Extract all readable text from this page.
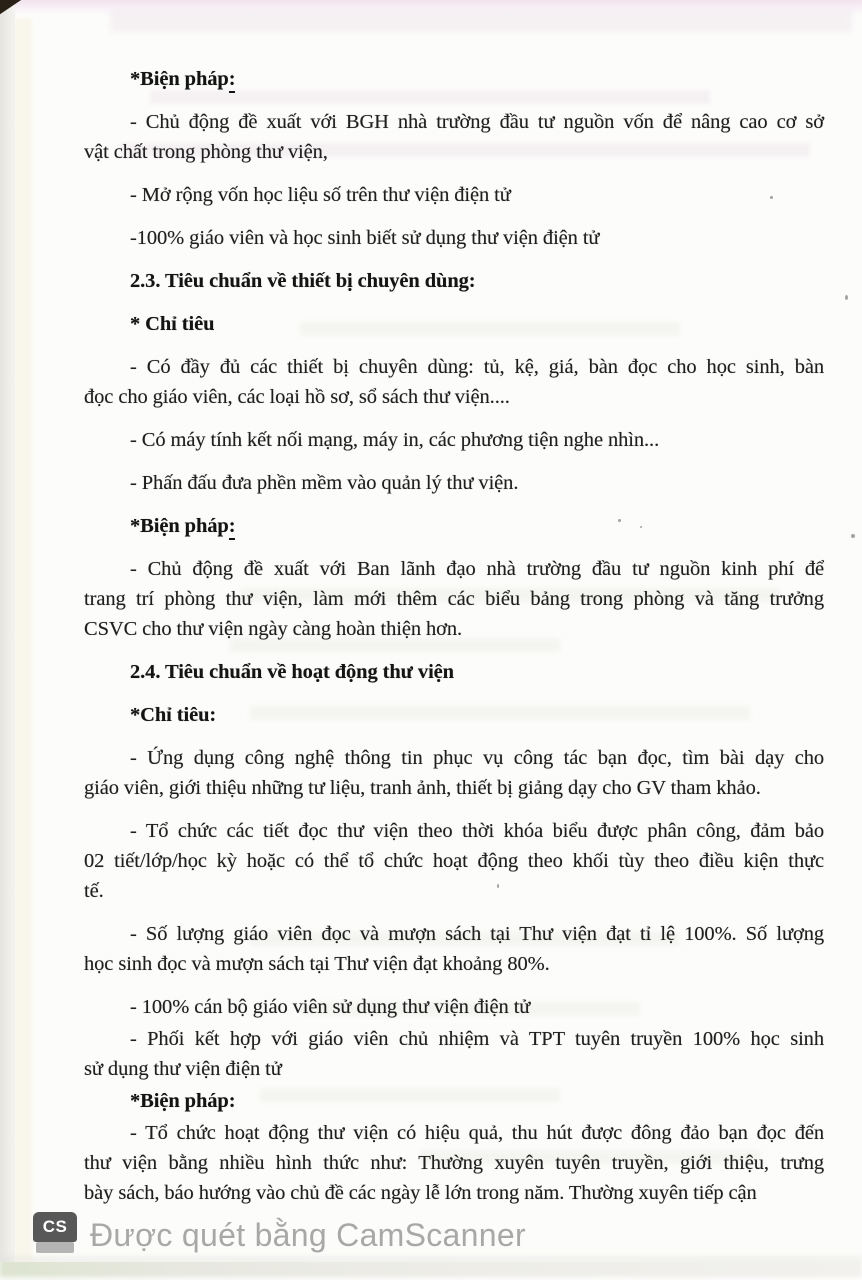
*Biện pháp:
- Chủ động đề xuất với BGH nhà trường đầu tư nguồn vốn để nâng cao cơ sở
vật chất trong phòng thư viện,
- Mở rộng vốn học liệu số trên thư viện điện tử
-100% giáo viên và học sinh biết sử dụng thư viện điện tử
2.3. Tiêu chuẩn về thiết bị chuyên dùng:
* Chỉ tiêu
- Có đầy đủ các thiết bị chuyên dùng: tủ, kệ, giá, bàn đọc cho học sinh, bàn
đọc cho giáo viên, các loại hồ sơ, sổ sách thư viện....
- Có máy tính kết nối mạng, máy in, các phương tiện nghe nhìn...
- Phấn đấu đưa phền mềm vào quản lý thư viện.
*Biện pháp:
- Chủ động đề xuất với Ban lãnh đạo nhà trường đầu tư nguồn kinh phí để
trang trí phòng thư viện, làm mới thêm các biểu bảng trong phòng và tăng trưởng
CSVC cho thư viện ngày càng hoàn thiện hơn.
2.4. Tiêu chuẩn về hoạt động thư viện
*Chỉ tiêu:
- Ứng dụng công nghệ thông tin phục vụ công tác bạn đọc, tìm bài dạy cho
giáo viên, giới thiệu những tư liệu, tranh ảnh, thiết bị giảng dạy cho GV tham khảo.
- Tổ chức các tiết đọc thư viện theo thời khóa biểu được phân công, đảm bảo
02 tiết/lớp/học kỳ hoặc có thể tổ chức hoạt động theo khối tùy theo điều kiện thực
tế.
- Số lượng giáo viên đọc và mượn sách tại Thư viện đạt tỉ lệ 100%. Số lượng
học sinh đọc và mượn sách tại Thư viện đạt khoảng 80%.
- 100% cán bộ giáo viên sử dụng thư viện điện tử
- Phối kết hợp với giáo viên chủ nhiệm và TPT tuyên truyền 100% học sinh
sử dụng thư viện điện tử
*Biện pháp:
- Tổ chức hoạt động thư viện có hiệu quả, thu hút được đông đảo bạn đọc đến
thư viện bằng nhiều hình thức như: Thường xuyên tuyên truyền, giới thiệu, trưng
bày sách, báo hướng vào chủ đề các ngày lễ lớn trong năm. Thường xuyên tiếp cận
CS Được quét bằng CamScanner
